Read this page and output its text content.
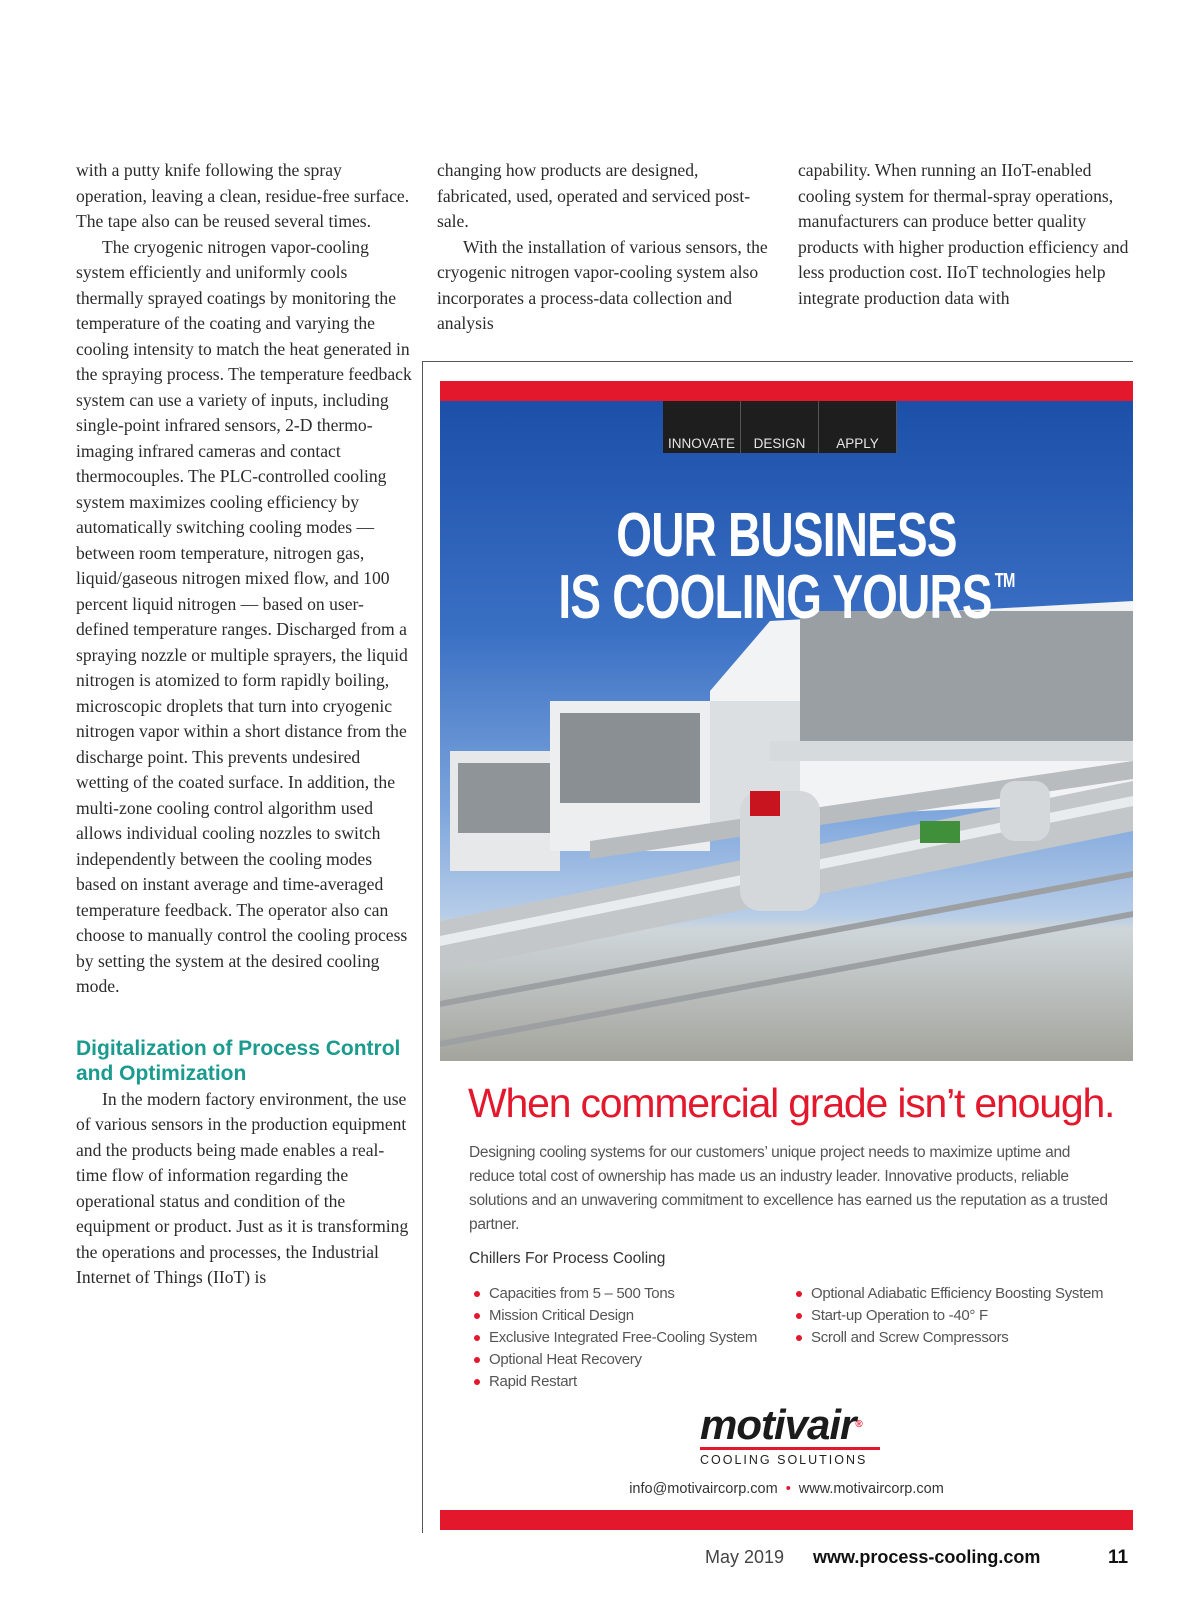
with a putty knife following the spray operation, leaving a clean, residue-free surface. The tape also can be reused several times.

The cryogenic nitrogen vapor-cooling system efficiently and uniformly cools thermally sprayed coatings by monitoring the temperature of the coating and varying the cooling intensity to match the heat generated in the spraying process. The temperature feedback system can use a variety of inputs, including single-point infrared sensors, 2-D thermo-imaging infrared cameras and contact thermocouples. The PLC-controlled cooling system maximizes cooling efficiency by automatically switching cooling modes — between room temperature, nitrogen gas, liquid/gaseous nitrogen mixed flow, and 100 percent liquid nitrogen — based on user-defined temperature ranges. Discharged from a spraying nozzle or multiple sprayers, the liquid nitrogen is atomized to form rapidly boiling, microscopic droplets that turn into cryogenic nitrogen vapor within a short distance from the discharge point. This prevents undesired wetting of the coated surface. In addition, the multi-zone cooling control algorithm used allows individual cooling nozzles to switch independently between the cooling modes based on instant average and time-averaged temperature feedback. The operator also can choose to manually control the cooling process by setting the system at the desired cooling mode.

Digitalization of Process Control and Optimization

In the modern factory environment, the use of various sensors in the production equipment and the products being made enables a real-time flow of information regarding the operational status and condition of the equipment or product. Just as it is transforming the operations and processes, the Industrial Internet of Things (IIoT) is

changing how products are designed, fabricated, used, operated and serviced post-sale.

With the installation of various sensors, the cryogenic nitrogen vapor-cooling system also incorporates a process-data collection and analysis

capability. When running an IIoT-enabled cooling system for thermal-spray operations, manufacturers can produce better quality products with higher production efficiency and less production cost. IIoT technologies help integrate production data with

INNOVATE	DESIGN	APPLY
OUR BUSINESS
IS COOLING YOURS ™
When commercial grade isn’t enough.
Designing cooling systems for our customers’ unique project needs to maximize uptime and reduce total cost of ownership has made us an industry leader. Innovative products, reliable solutions and an unwavering commitment to excellence has earned us the reputation as a trusted partner.
Chillers For Process Cooling
Capacities from 5 – 500 Tons
Mission Critical Design
Exclusive Integrated Free-Cooling System
Optional Heat Recovery
Rapid Restart
Optional Adiabatic Efficiency Boosting System
Start-up Operation to -40° F
Scroll and Screw Compressors
motivair®
COOLING SOLUTIONS
info@motivaircorp.com • www.motivaircorp.com
May 2019 www.process-cooling.com	11
